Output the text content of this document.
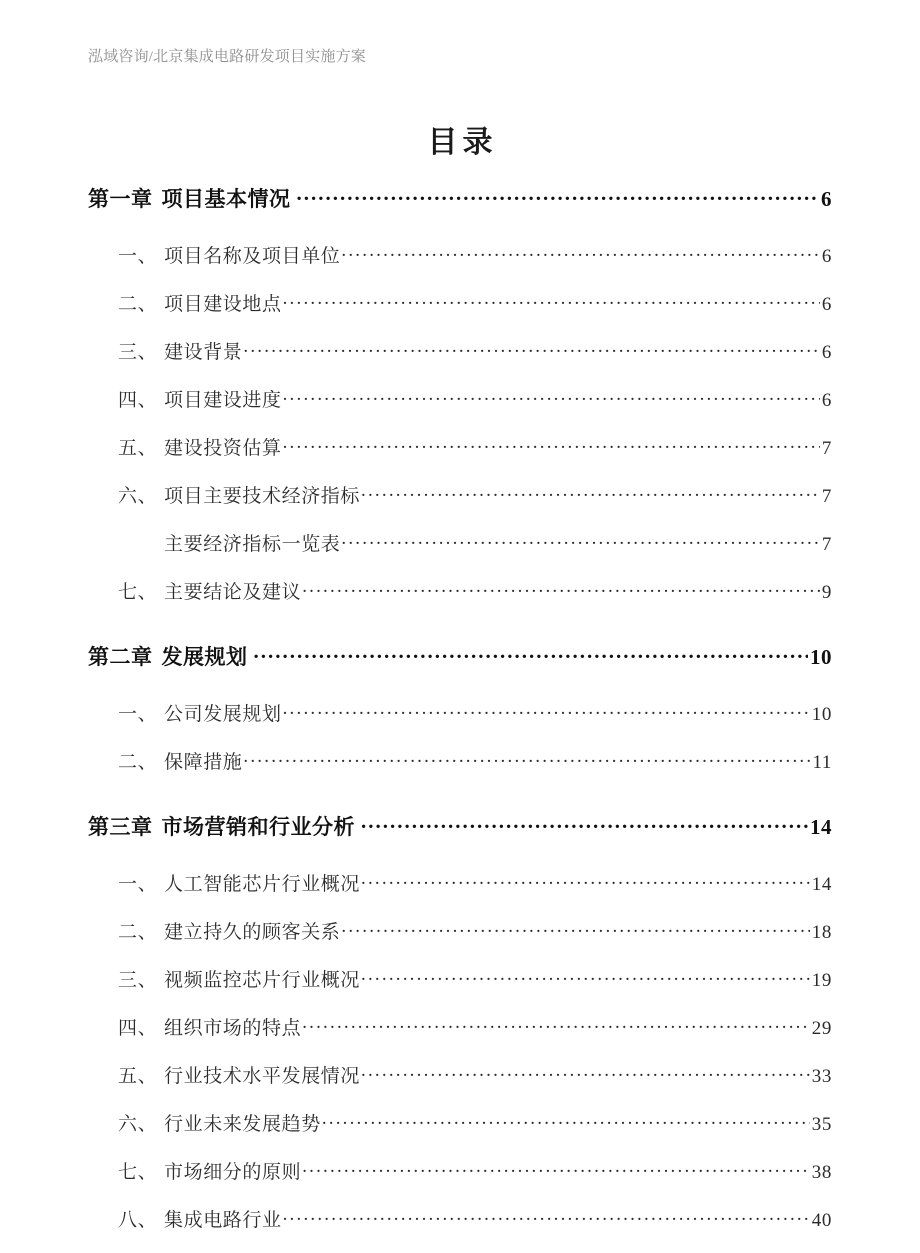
泓域咨询/北京集成电路研发项目实施方案
目录
第一章 项目基本情况 .....	6
一、 项目名称及项目单位 .....	6
二、 项目建设地点 .....	6
三、 建设背景 .....	6
四、 项目建设进度 .....	6
五、 建设投资估算 .....	7
六、 项目主要技术经济指标 .....	7
主要经济指标一览表 .....	7
七、 主要结论及建议 .....	9
第二章 发展规划 .....	10
一、 公司发展规划 .....	10
二、 保障措施 .....	11
第三章 市场营销和行业分析 .....	14
一、 人工智能芯片行业概况 .....	14
二、 建立持久的顾客关系 .....	18
三、 视频监控芯片行业概况 .....	19
四、 组织市场的特点 .....	29
五、 行业技术水平发展情况 .....	33
六、 行业未来发展趋势 .....	35
七、 市场细分的原则 .....	38
八、 集成电路行业 .....	40
